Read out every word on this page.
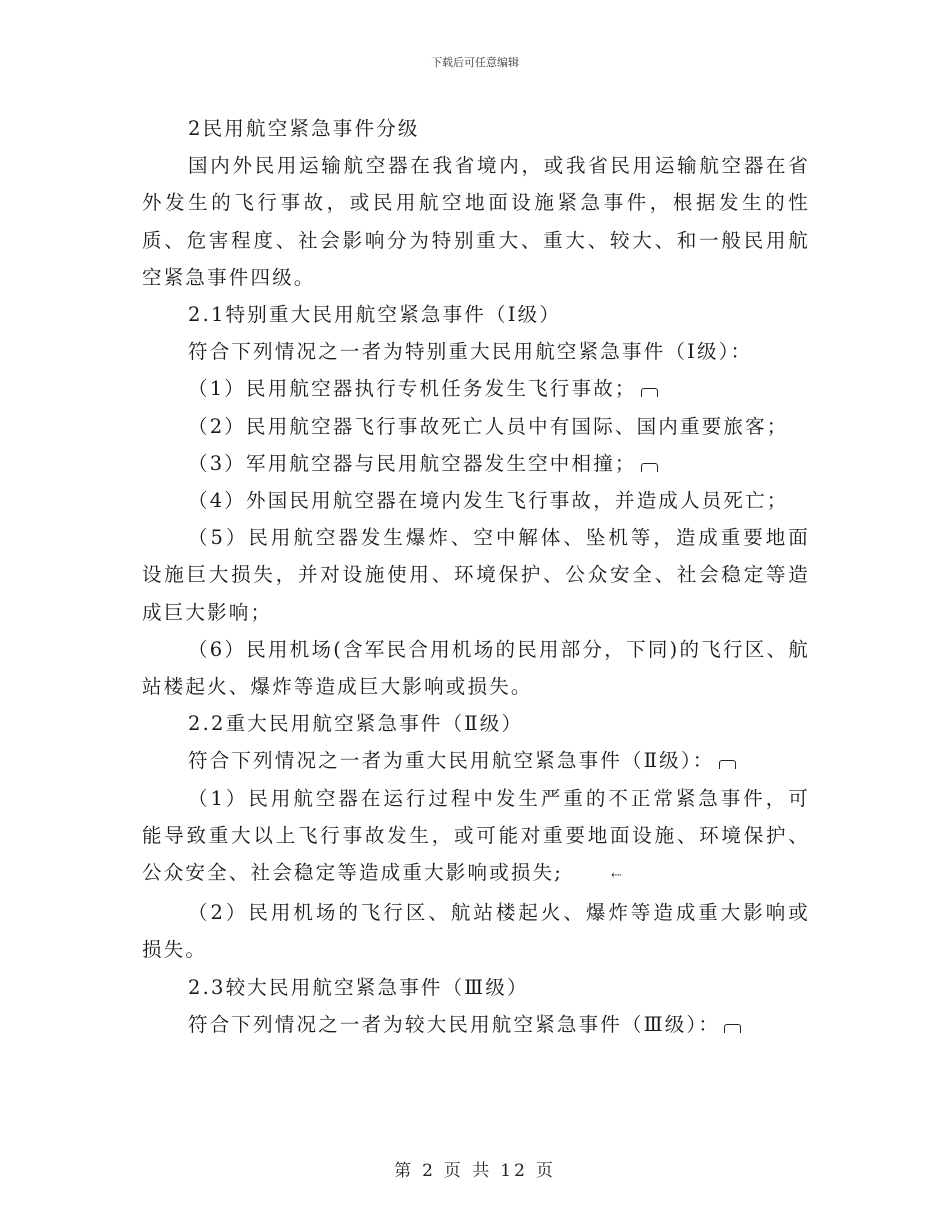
下载后可任意编辑

2民用航空紧急事件分级

国内外民用运输航空器在我省境内，或我省民用运输航空器在省外发生的飞行事故，或民用航空地面设施紧急事件，根据发生的性质、危害程度、社会影响分为特别重大、重大、较大、和一般民用航空紧急事件四级。

2.1特别重大民用航空紧急事件（Ⅰ级）

符合下列情况之一者为特别重大民用航空紧急事件（Ⅰ级）：

（1）民用航空器执行专机任务发生飞行事故；

（2）民用航空器飞行事故死亡人员中有国际、国内重要旅客；

（3）军用航空器与民用航空器发生空中相撞；

（4）外国民用航空器在境内发生飞行事故，并造成人员死亡；

（5）民用航空器发生爆炸、空中解体、坠机等，造成重要地面设施巨大损失，并对设施使用、环境保护、公众安全、社会稳定等造成巨大影响；

（6）民用机场(含军民合用机场的民用部分，下同)的飞行区、航站楼起火、爆炸等造成巨大影响或损失。

2.2重大民用航空紧急事件（Ⅱ级）

符合下列情况之一者为重大民用航空紧急事件（Ⅱ级）：

（1）民用航空器在运行过程中发生严重的不正常紧急事件，可能导致重大以上飞行事故发生，或可能对重要地面设施、环境保护、公众安全、社会稳定等造成重大影响或损失;	⇠

（2）民用机场的飞行区、航站楼起火、爆炸等造成重大影响或损失。

2.3较大民用航空紧急事件（Ⅲ级）

符合下列情况之一者为较大民用航空紧急事件（Ⅲ级）：

第 2 页 共 12 页
